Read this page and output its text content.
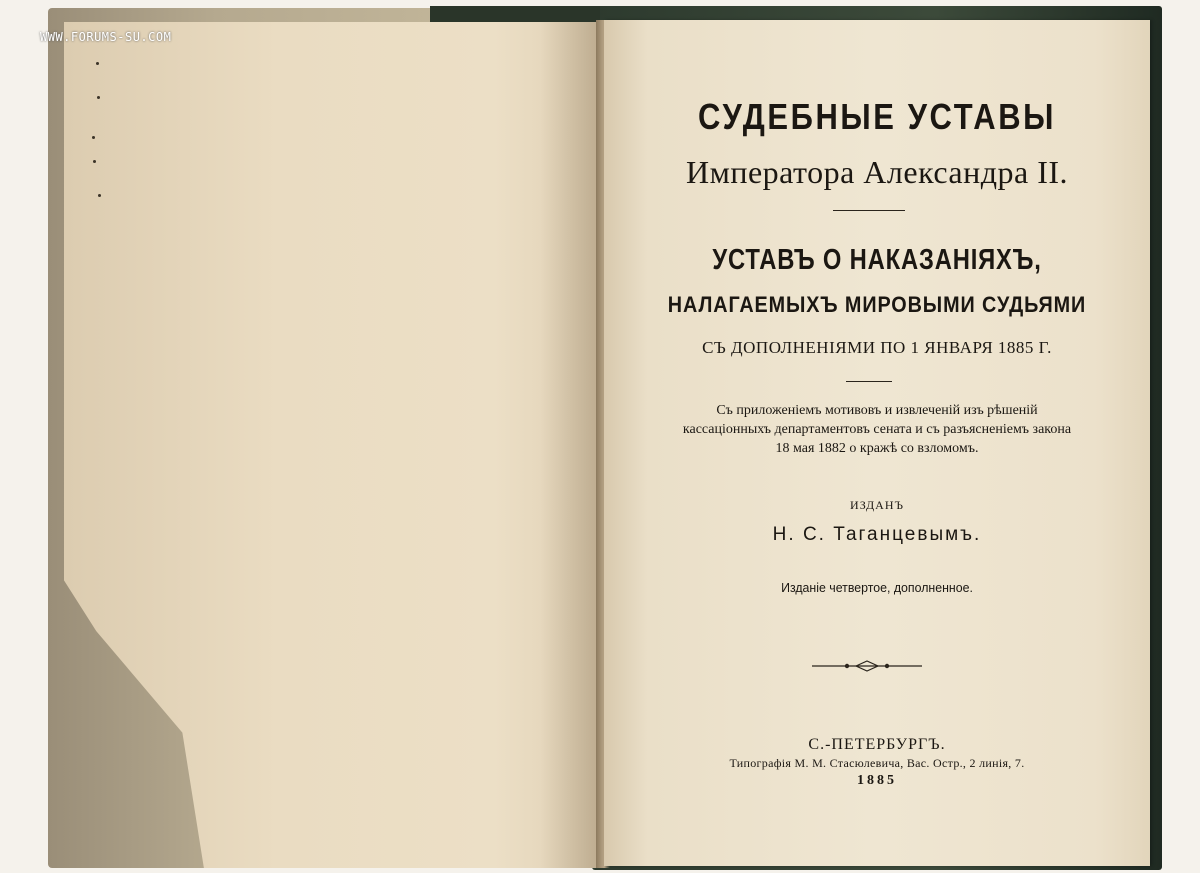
WWW.FORUMS-SU.COM
СУДЕБНЫЕ УСТАВЫ
Императора Александра II.
УСТАВЪ О НАКАЗАНІЯХЪ,
НАЛАГАЕМЫХЪ МИРОВЫМИ СУДЬЯМИ
СЪ ДОПОЛНЕНІЯМИ ПО 1 ЯНВАРЯ 1885 Г.
Съ приложеніемъ мотивовъ и извлеченій изъ рѣшеній
кассаціонныхъ департаментовъ сената и съ разъясненіемъ закона
18 мая 1882 о кражѣ со взломомъ.
ИЗДАНЪ
Н. С. Таганцевымъ.
Изданіе четвертое, дополненное.
С.-ПЕТЕРБУРГЪ.
Типографія М. М. Стасюлевича, Вас. Остр., 2 линія, 7.
1885
